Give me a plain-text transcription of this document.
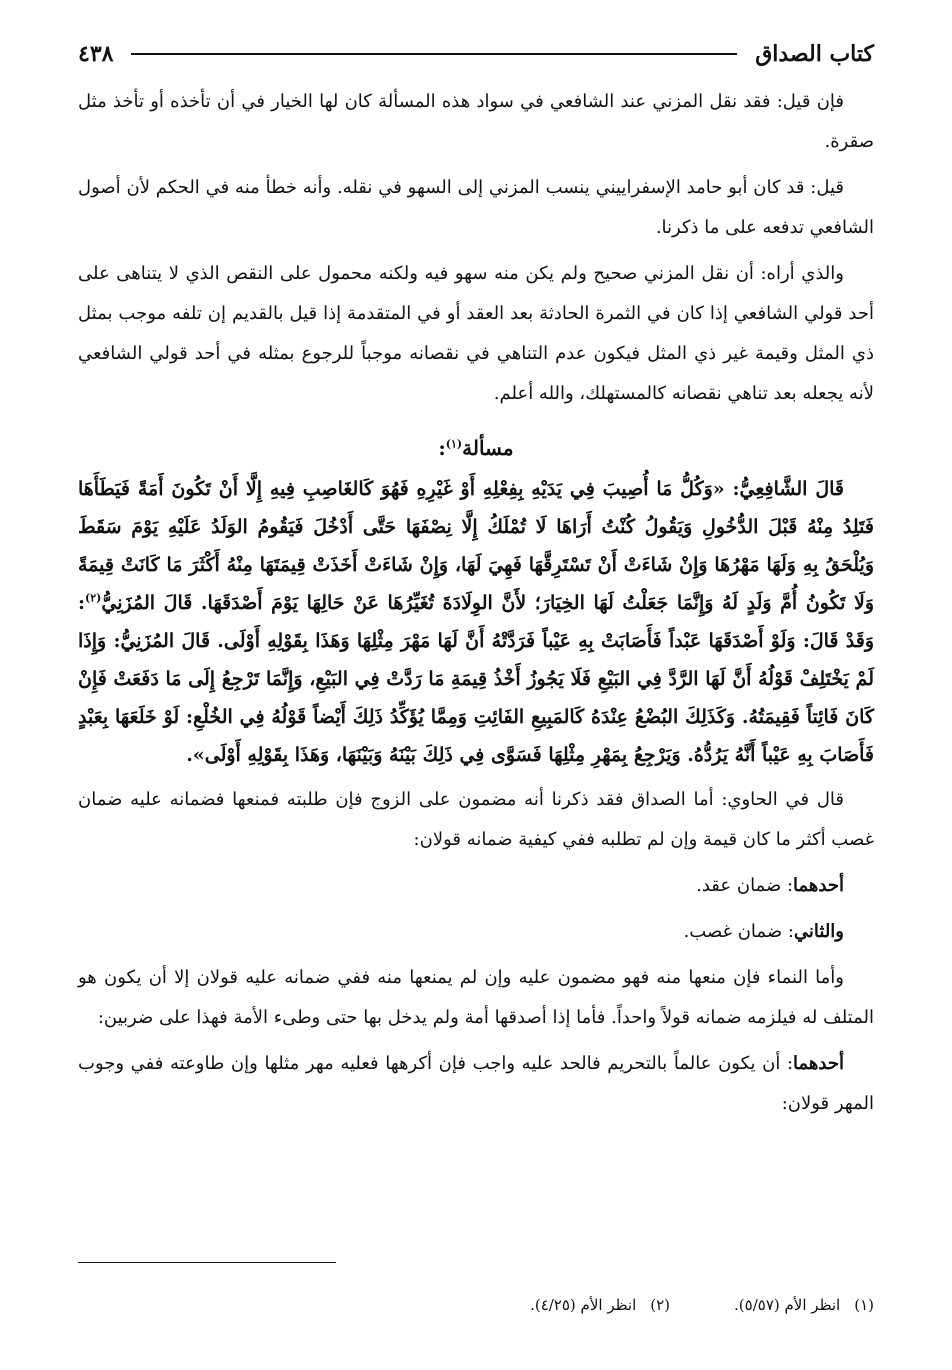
كتاب الصداق
٤٣٨

فإن قيل: فقد نقل المزني عند الشافعي في سواد هذه المسألة كان لها الخيار في أن تأخذه أو تأخذ مثل صقرة.

قيل: قد كان أبو حامد الإسفراييني ينسب المزني إلى السهو في نقله. وأنه خطأ منه في الحكم لأن أصول الشافعي تدفعه على ما ذكرنا.

والذي أراه: أن نقل المزني صحيح ولم يكن منه سهو فيه ولكنه محمول على النقص الذي لا يتناهى على أحد قولي الشافعي إذا كان في الثمرة الحادثة بعد العقد أو في المتقدمة إذا قيل بالقديم إن تلفه موجب بمثل ذي المثل وقيمة غير ذي المثل فيكون عدم التناهي في نقصانه موجباً للرجوع بمثله في أحد قولي الشافعي لأنه يجعله بعد تناهي نقصانه كالمستهلك، والله أعلم.

مسألة$^{(١)}$:

قَالَ الشَّافِعِيُّ: «وَكُلُّ مَا أُصِيبَ فِي يَدَيْهِ بِفِعْلِهِ أَوْ غَيْرِهِ فَهُوَ كَالغَاصِبِ فِيهِ إِلَّا أَنْ تَكُونَ أَمَةً فَيَطَأَهَا فَتَلِدُ مِنْهُ قَبْلَ الدُّخُولِ وَيَقُولُ كُنْتُ أَرَاهَا لَا تُمْلَكُ إِلَّا نِصْفَهَا حَتَّى أَدْخُلَ فَيَقُومُ الوَلَدُ عَلَيْهِ يَوْمَ سَقَطَ وَيُلْحَقُ بِهِ وَلَهَا مَهْرُهَا وَإِنْ شَاءَتْ أَنْ تَسْتَرِقَّهَا فَهِيَ لَهَا، وَإِنْ شَاءَتْ أَخَذَتْ قِيمَتَهَا مِنْهُ أَكْثَرَ مَا كَانَتْ قِيمَةً وَلَا تَكُونُ أُمَّ وَلَدٍ لَهُ وَإِنَّمَا جَعَلْتُ لَهَا الخِيَارَ؛ لأَنَّ الوِلَادَةَ تُغَيِّرُهَا عَنْ حَالِهَا يَوْمَ أَصْدَقَهَا. قَالَ المُزَنِيُّ$^{(٢)}$: وَقَدْ قَالَ: وَلَوْ أَصْدَقَهَا عَبْداً فَأَصَابَتْ بِهِ عَيْباً فَرَدَّتْهُ أَنَّ لَهَا مَهْرَ مِثْلِهَا وَهَذَا بِقَوْلِهِ أَوْلَى. قَالَ المُزَنِيُّ: وَإِذَا لَمْ يَخْتَلِفْ قَوْلُهُ أَنَّ لَهَا الرَّدَّ فِي البَيْعِ فَلَا يَجُوزُ أَخْذُ قِيمَةِ مَا رَدَّتْ فِي البَيْعِ، وَإِنَّمَا تَرْجِعُ إِلَى مَا دَفَعَتْ فَإِنْ كَانَ فَائِتاً فَقِيمَتُهُ. وَكَذَلِكَ البُضْعُ عِنْدَهُ كَالمَبِيعِ الفَائِتِ وَمِمَّا يُؤَكِّدُ ذَلِكَ أَيْضاً قَوْلُهُ فِي الخُلْعِ: لَوْ خَلَعَهَا بِعَبْدٍ فَأَصَابَ بِهِ عَيْباً أَنَّهُ يَرُدُّهُ. وَيَرْجِعُ بِمَهْرِ مِثْلِهَا فَسَوَّى فِي ذَلِكَ بَيْنَهُ وَبَيْنَهَا، وَهَذَا بِقَوْلِهِ أَوْلَى».

قال في الحاوي: أما الصداق فقد ذكرنا أنه مضمون على الزوج فإن طلبته فمنعها فضمانه عليه ضمان غصب أكثر ما كان قيمة وإن لم تطلبه ففي كيفية ضمانه قولان:

أحدهما: ضمان عقد.

والثاني: ضمان غصب.

وأما النماء فإن منعها منه فهو مضمون عليه وإن لم يمنعها منه ففي ضمانه عليه قولان إلا أن يكون هو المتلف له فيلزمه ضمانه قولاً واحداً. فأما إذا أصدقها أمة ولم يدخل بها حتى وطىء الأمة فهذا على ضربين:

أحدهما: أن يكون عالماً بالتحريم فالحد عليه واجب فإن أكرهها فعليه مهر مثلها وإن طاوعته ففي وجوب المهر قولان:

(١)انظر الأم (٥/٥٧).
(٢)انظر الأم (٤/٢٥).
